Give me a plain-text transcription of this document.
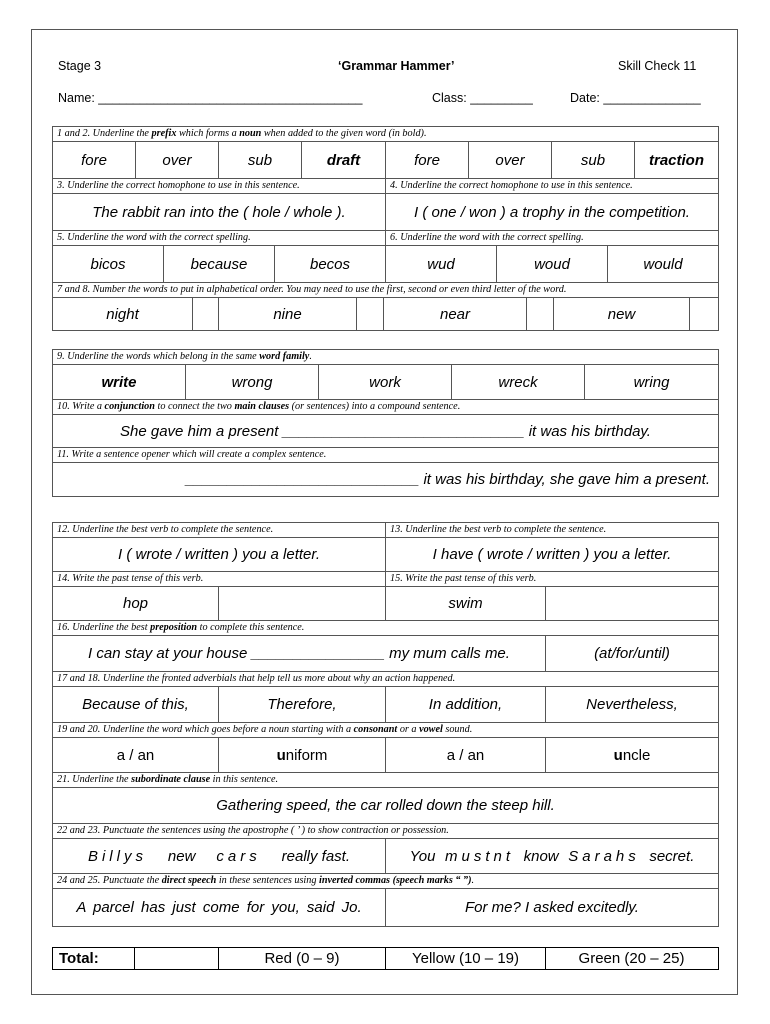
Stage 3	‘Grammar Hammer’	Skill Check 11
Name: ______________________________________	Class: _________	Date: ______________
1 and 2. Underline the
prefix
which forms a
noun
when added to the given word (in bold).
fore	over	sub	draft	fore	over	sub	traction
3. Underline the correct homophone to use in this sentence.	4. Underline the correct homophone to use in this sentence.
The rabbit ran into the ( hole / whole ).	I ( one / won ) a trophy in the competition.
5. Underline the word with the correct spelling.	6. Underline the word with the correct spelling.
bicos	because	becos	wud	woud	would
7 and 8. Number the words to put in alphabetical order. You may need to use the first, second or even third letter of the word.
night	nine	near	new
9. Underline the words which belong in the same
word family .
write	wrong	work	wreck	wring
10. Write a
conjunction
to connect the two
main clauses
(or sentences) into a compound sentence.
She gave him a present _____________________________ it was his birthday.
11. Write a sentence opener which will create a complex sentence.
____________________________ it was his birthday, she gave him a present.
12. Underline the best verb to complete the sentence.	13. Underline the best verb to complete the sentence.
I ( wrote / written ) you a letter.	I have ( wrote / written ) you a letter.
14. Write the past tense of this verb.	15. Write the past tense of this verb.
hop	swim
16. Underline the best
preposition
to complete this sentence.
I can stay at your house ________________ my mum calls me.	(at/for/until)
17 and 18. Underline the fronted adverbials that help tell us more about why an action happened.
Because of this,	Therefore,	In addition,	Nevertheless,
19 and 20. Underline the word which goes before a noun starting with a
consonant
or a
vowel
sound.
a / an	u niform	a / an	u ncle
21. Underline the
subordinate clause
in this sentence.
Gathering speed, the car rolled down the steep hill.
22 and 23. Punctuate the sentences using the apostrophe ( ’ ) to show contraction or possession.
Billys new cars really fast.	You mustnt know Sarahs secret.
24 and 25. Punctuate the
direct speech
in these sentences using
inverted commas (speech marks “ ”) .
A parcel has just come for you, said Jo.	For me? I asked excitedly.
Total:	Red (0 – 9)	Yellow (10 – 19)	Green (20 – 25)
